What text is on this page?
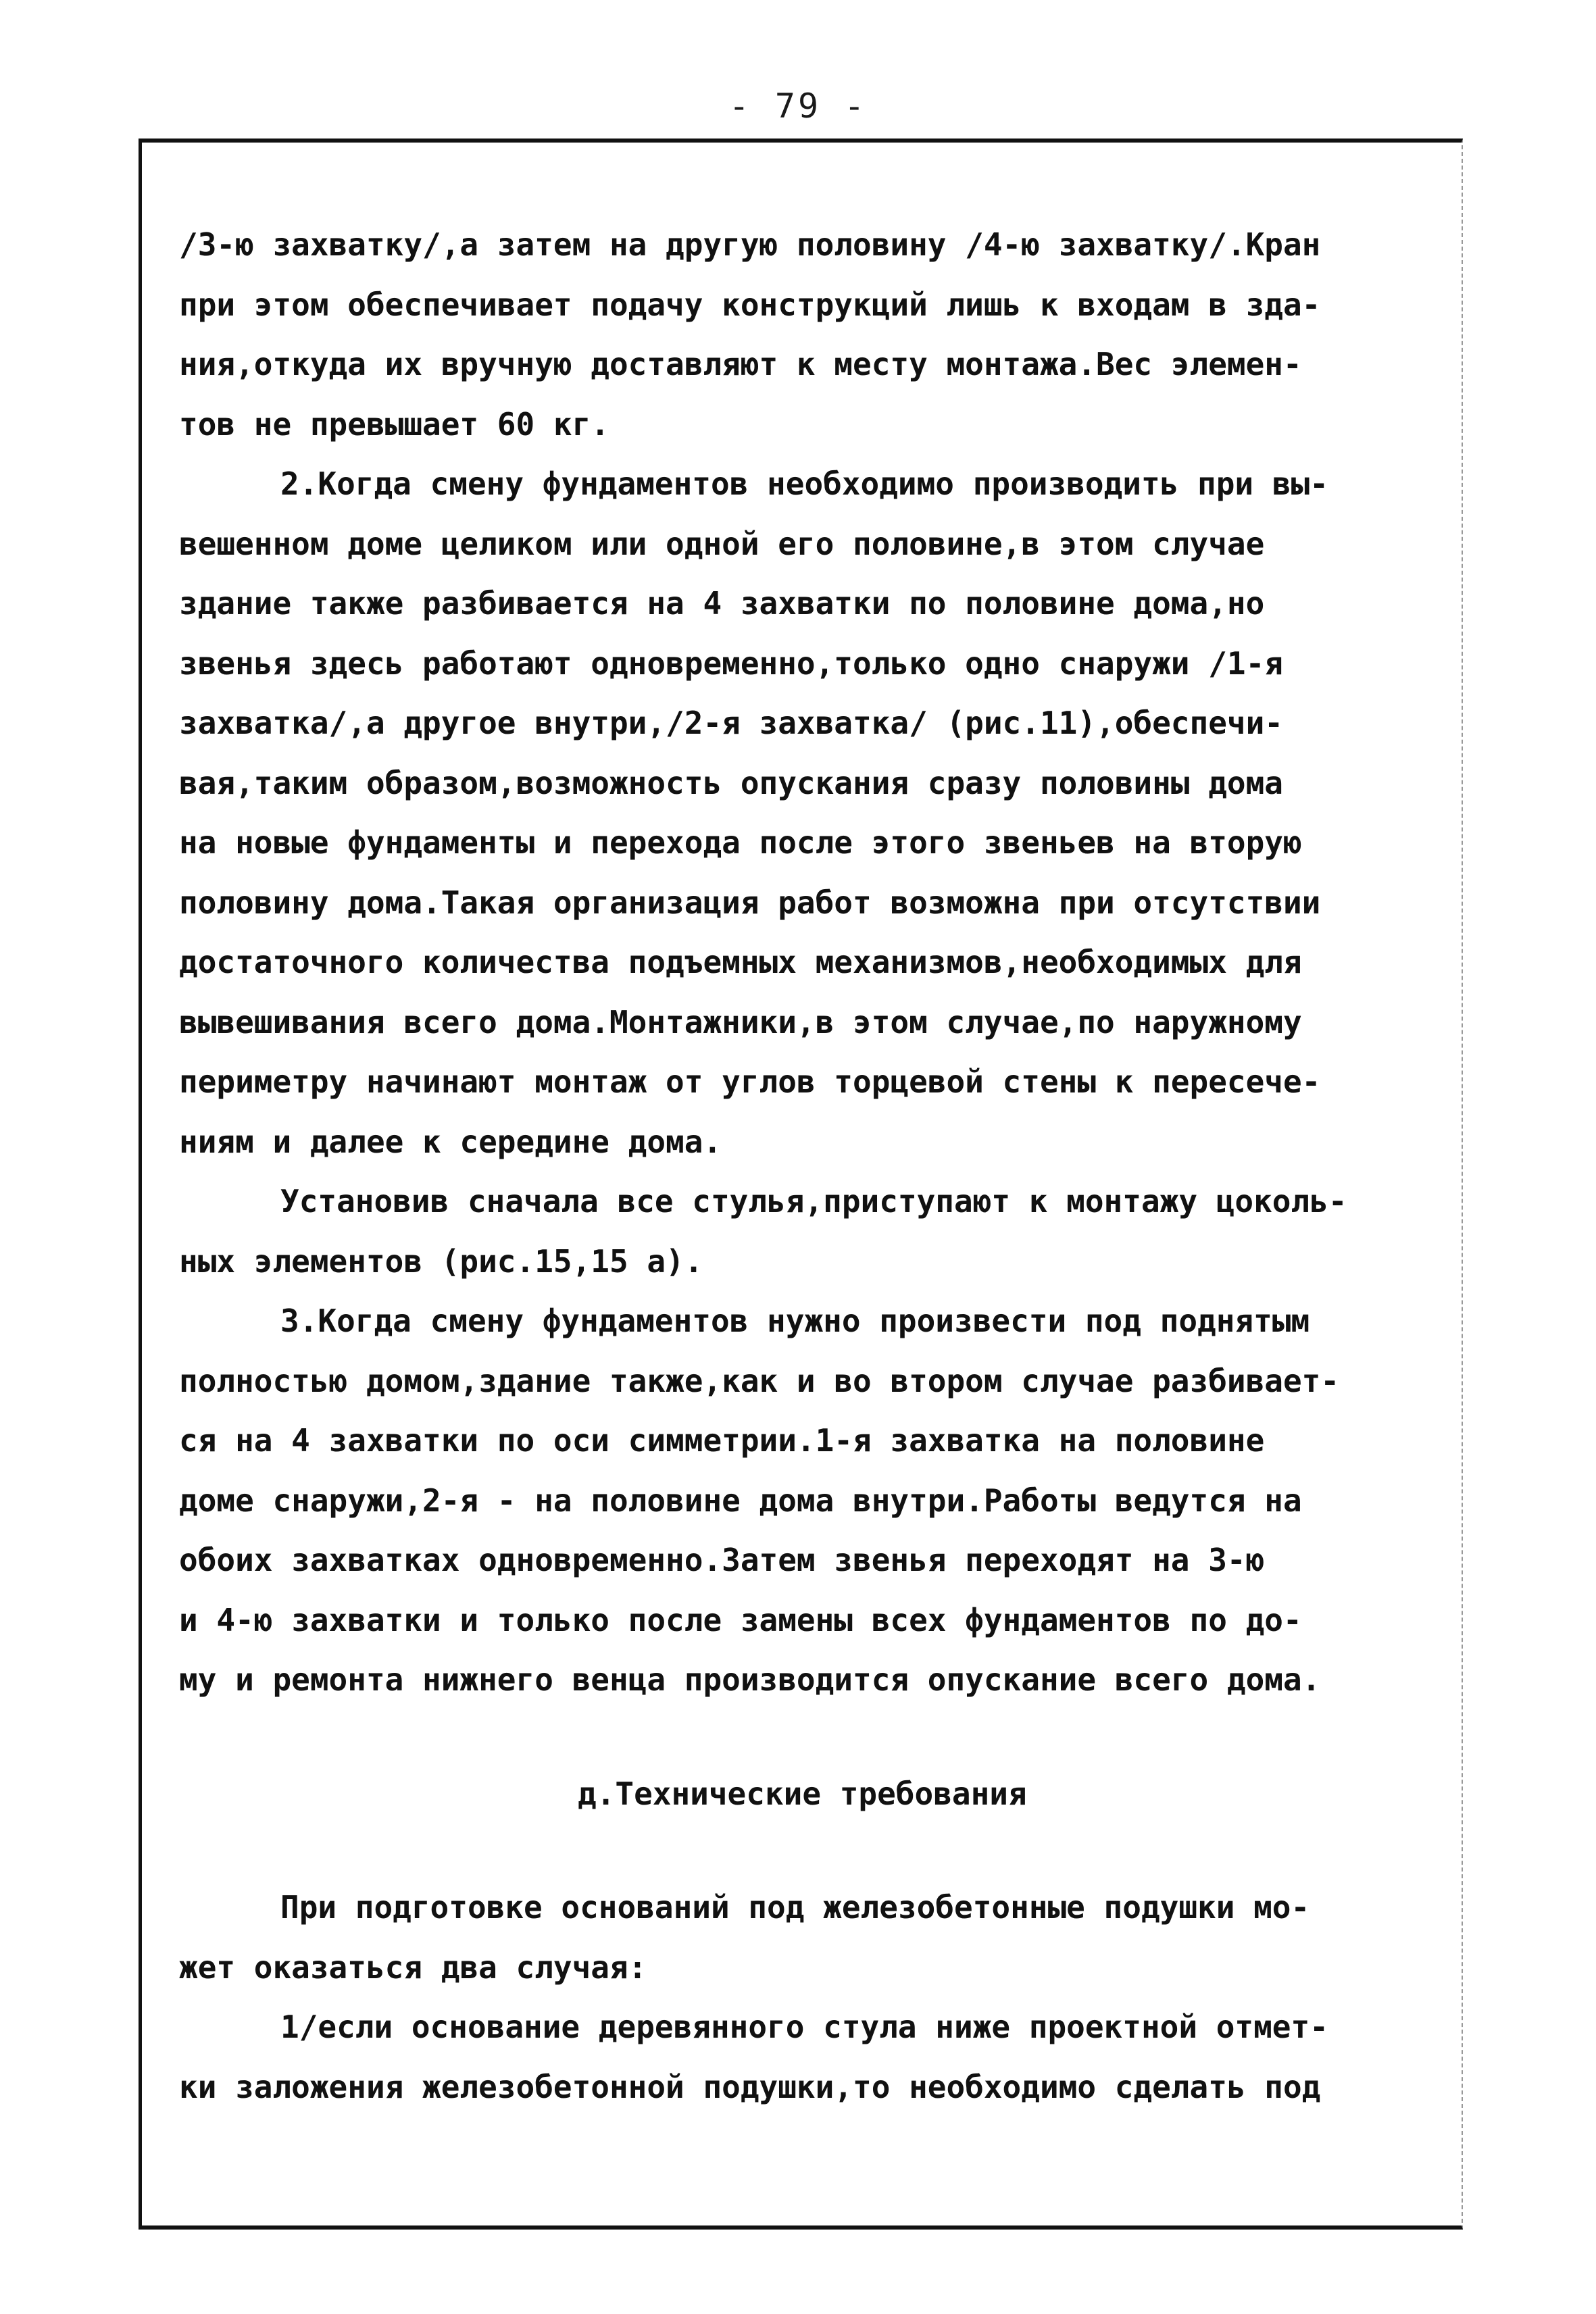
- 79 -

/3-ю захватку/,а затем на другую половину /4-ю захватку/.Кран
при этом обеспечивает подачу конструкций лишь к входам в зда-
ния,откуда их вручную доставляют к месту монтажа.Вес элемен-
тов не превышает 60 кг.

2.Когда смену фундаментов необходимо производить при вы-
вешенном доме целиком или одной его половине,в этом случае
здание также разбивается на 4 захватки по половине дома,но
звенья здесь работают одновременно,только одно снаружи /1-я
захватка/,а другое внутри,/2-я захватка/ (рис.11),обеспечи-
вая,таким образом,возможность опускания сразу половины дома
на новые фундаменты и перехода после этого звеньев на вторую
половину дома.Такая организация работ возможна при отсутствии
достаточного количества подъемных механизмов,необходимых для
вывешивания всего дома.Монтажники,в этом случае,по наружному
периметру начинают монтаж от углов торцевой стены к пересече-
ниям и далее к середине дома.

Установив сначала все стулья,приступают к монтажу цоколь-
ных элементов (рис.15,15 а).

3.Когда смену фундаментов нужно произвести под поднятым
полностью домом,здание также,как и во втором случае разбивает-
ся на 4 захватки по оси симметрии.1-я захватка на половине
доме снаружи,2-я - на половине дома внутри.Работы ведутся на
обоих захватках одновременно.Затем звенья переходят на 3-ю
и 4-ю захватки и только после замены всех фундаментов по до-
му и ремонта нижнего венца производится опускание всего дома.

д.Технические требования

При подготовке оснований под железобетонные подушки мо-
жет оказаться два случая:

1/если основание деревянного стула ниже проектной отмет-
ки заложения железобетонной подушки,то необходимо сделать под
